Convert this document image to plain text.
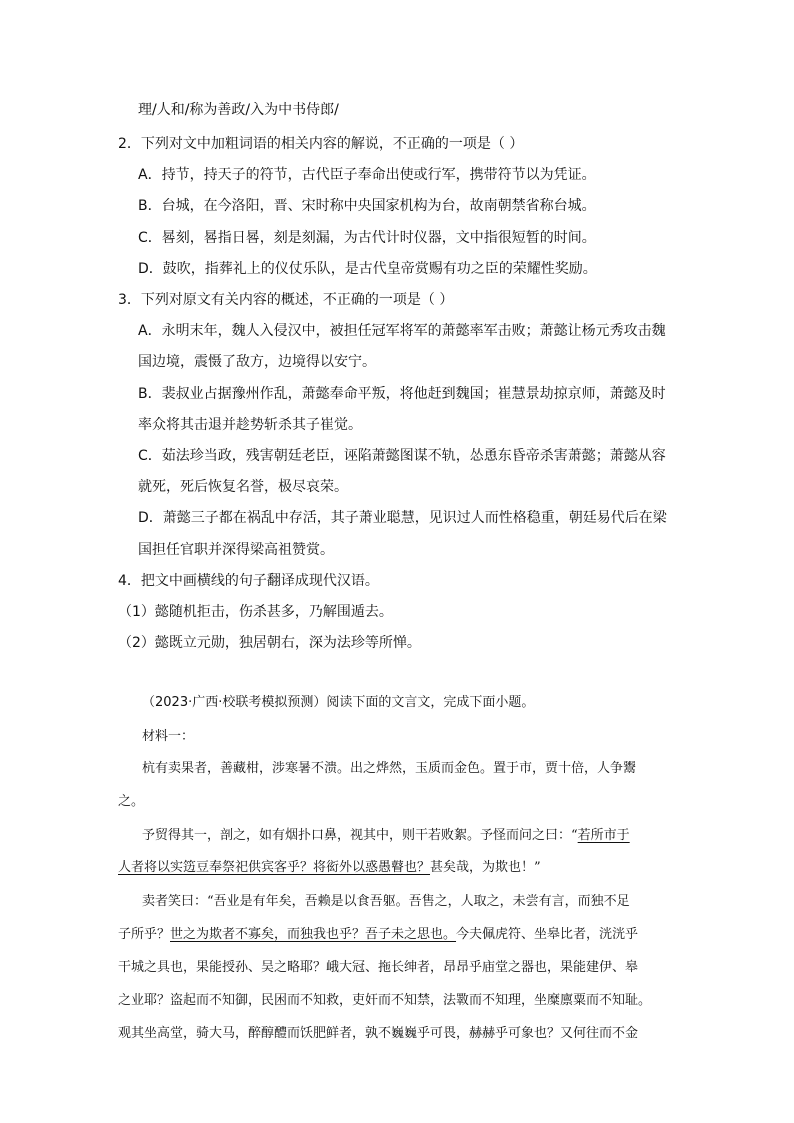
理/人和/称为善政/入为中书侍郎/
2．下列对文中加粗词语的相关内容的解说，不正确的一项是（ ）
A．持节，持天子的符节，古代臣子奉命出使或行军，携带符节以为凭证。
B．台城，在今洛阳，晋、宋时称中央国家机构为台，故南朝禁省称台城。
C．晷刻，晷指日晷，刻是刻漏，为古代计时仪器，文中指很短暂的时间。
D．鼓吹，指葬礼上的仪仗乐队，是古代皇帝赏赐有功之臣的荣耀性奖励。
3．下列对原文有关内容的概述，不正确的一项是（ ）
A．永明末年，魏人入侵汉中，被担任冠军将军的萧懿率军击败；萧懿让杨元秀攻击魏
国边境，震慑了敌方，边境得以安宁。
B．裴叔业占据豫州作乱，萧懿奉命平叛，将他赶到魏国；崔慧景劫掠京师，萧懿及时
率众将其击退并趁势斩杀其子崔觉。
C．茹法珍当政，残害朝廷老臣，诬陷萧懿图谋不轨，怂恿东昏帝杀害萧懿；萧懿从容
就死，死后恢复名誉，极尽哀荣。
D．萧懿三子都在祸乱中存活，其子萧业聪慧，见识过人而性格稳重，朝廷易代后在梁
国担任官职并深得梁高祖赞赏。
4．把文中画横线的句子翻译成现代汉语。
（1）懿随机拒击，伤杀甚多，乃解围遁去。
（2）懿既立元勋，独居朝右，深为法珍等所惮。
（2023·广西·校联考模拟预测）阅读下面的文言文，完成下面小题。
材料一：
杭有卖果者，善藏柑，涉寒暑不溃。出之烨然，玉质而金色。置于市，贾十倍，人争鬻
之。
予贸得其一，剖之，如有烟扑口鼻，视其中，则干若败絮。予怪而问之曰：“若所市于
人者将以实笾豆奉祭祀供宾客乎？将衒外以惑愚瞽也？甚矣哉，为欺也！”
卖者笑曰：“吾业是有年矣，吾赖是以食吾躯。吾售之，人取之，未尝有言，而独不足
子所乎？世之为欺者不寡矣，而独我也乎？吾子未之思也。今夫佩虎符、坐皋比者，洸洸乎
干城之具也，果能授孙、吴之略耶？峨大冠、拖长绅者，昂昂乎庙堂之器也，果能建伊、皋
之业耶？盗起而不知御，民困而不知救，吏奸而不知禁，法斁而不知理，坐糜廪粟而不知耻。
观其坐高堂，骑大马，醉醇醴而饫肥鲜者，孰不巍巍乎可畏，赫赫乎可象也？又何往而不金
